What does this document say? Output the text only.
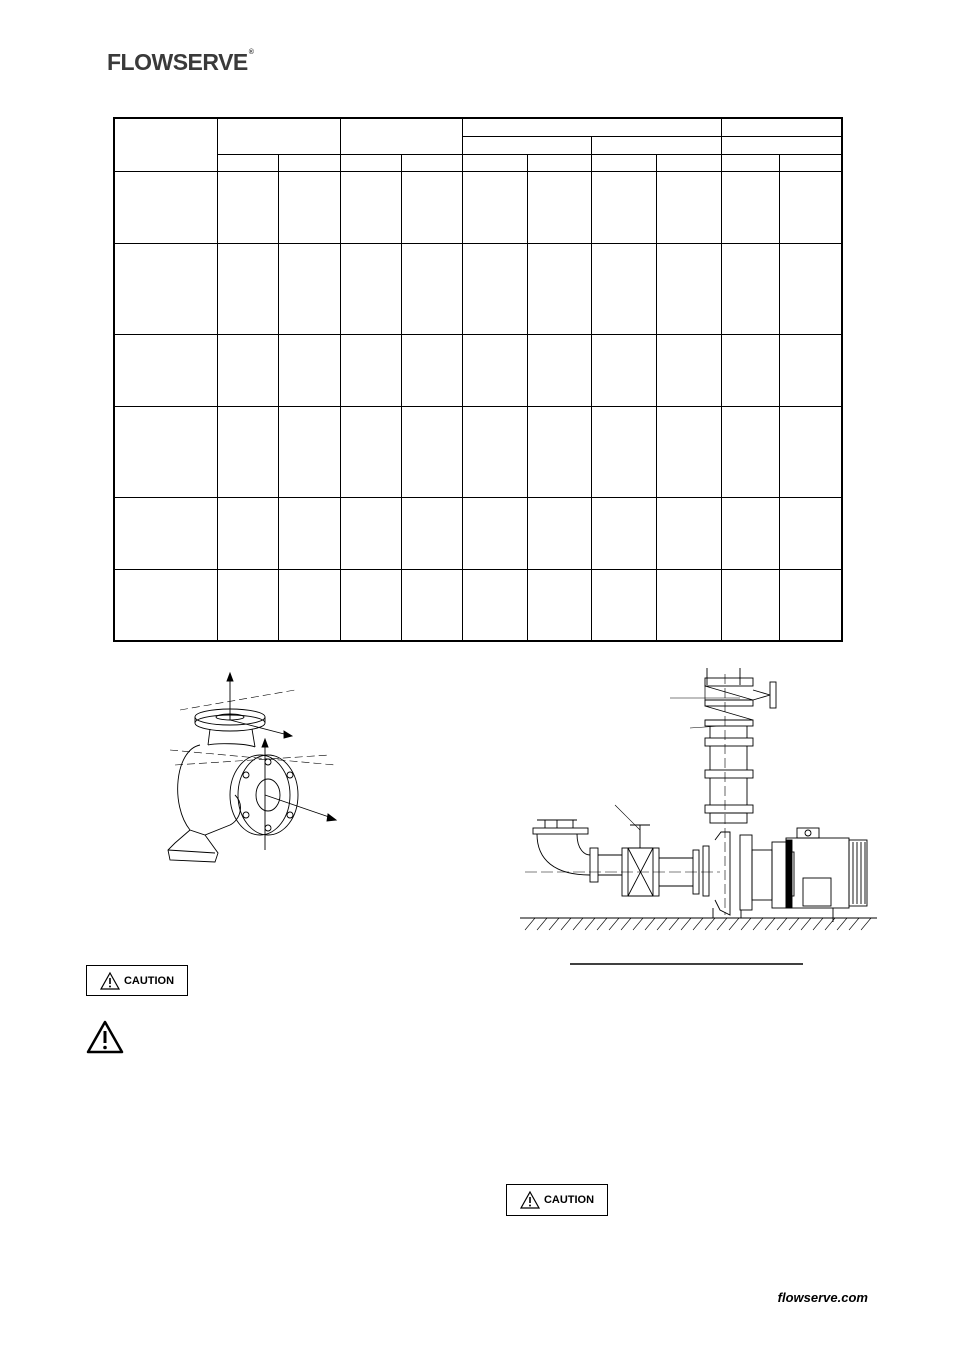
FLOWSERVE®

CAUTION
CAUTION
flowserve.com
